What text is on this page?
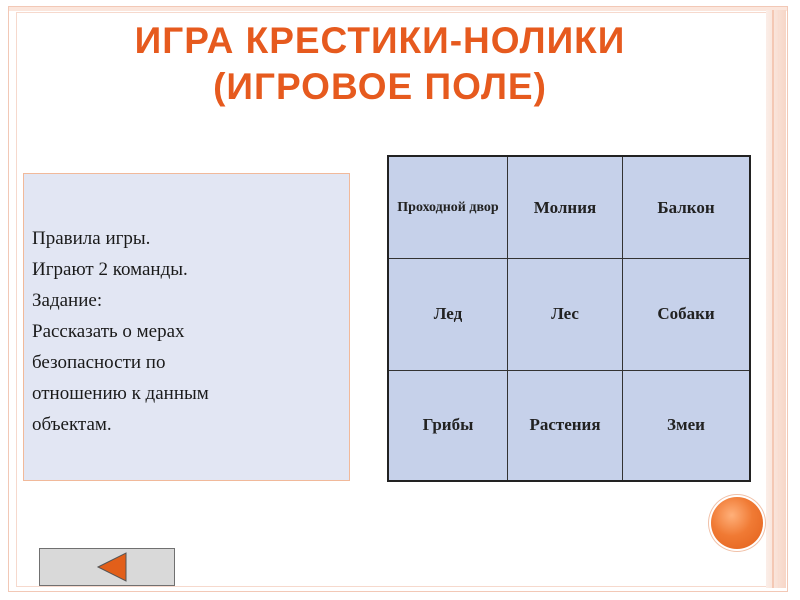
ИГРА КРЕСТИКИ-НОЛИКИ
(ИГРОВОЕ ПОЛЕ)
Правила игры.
Играют 2 команды.
Задание:
Рассказать о мерах
безопасности по
отношению к данным
объектам.
Проходной двор	Молния	Балкон
Лед	Лес	Собаки
Грибы	Растения	Змеи
